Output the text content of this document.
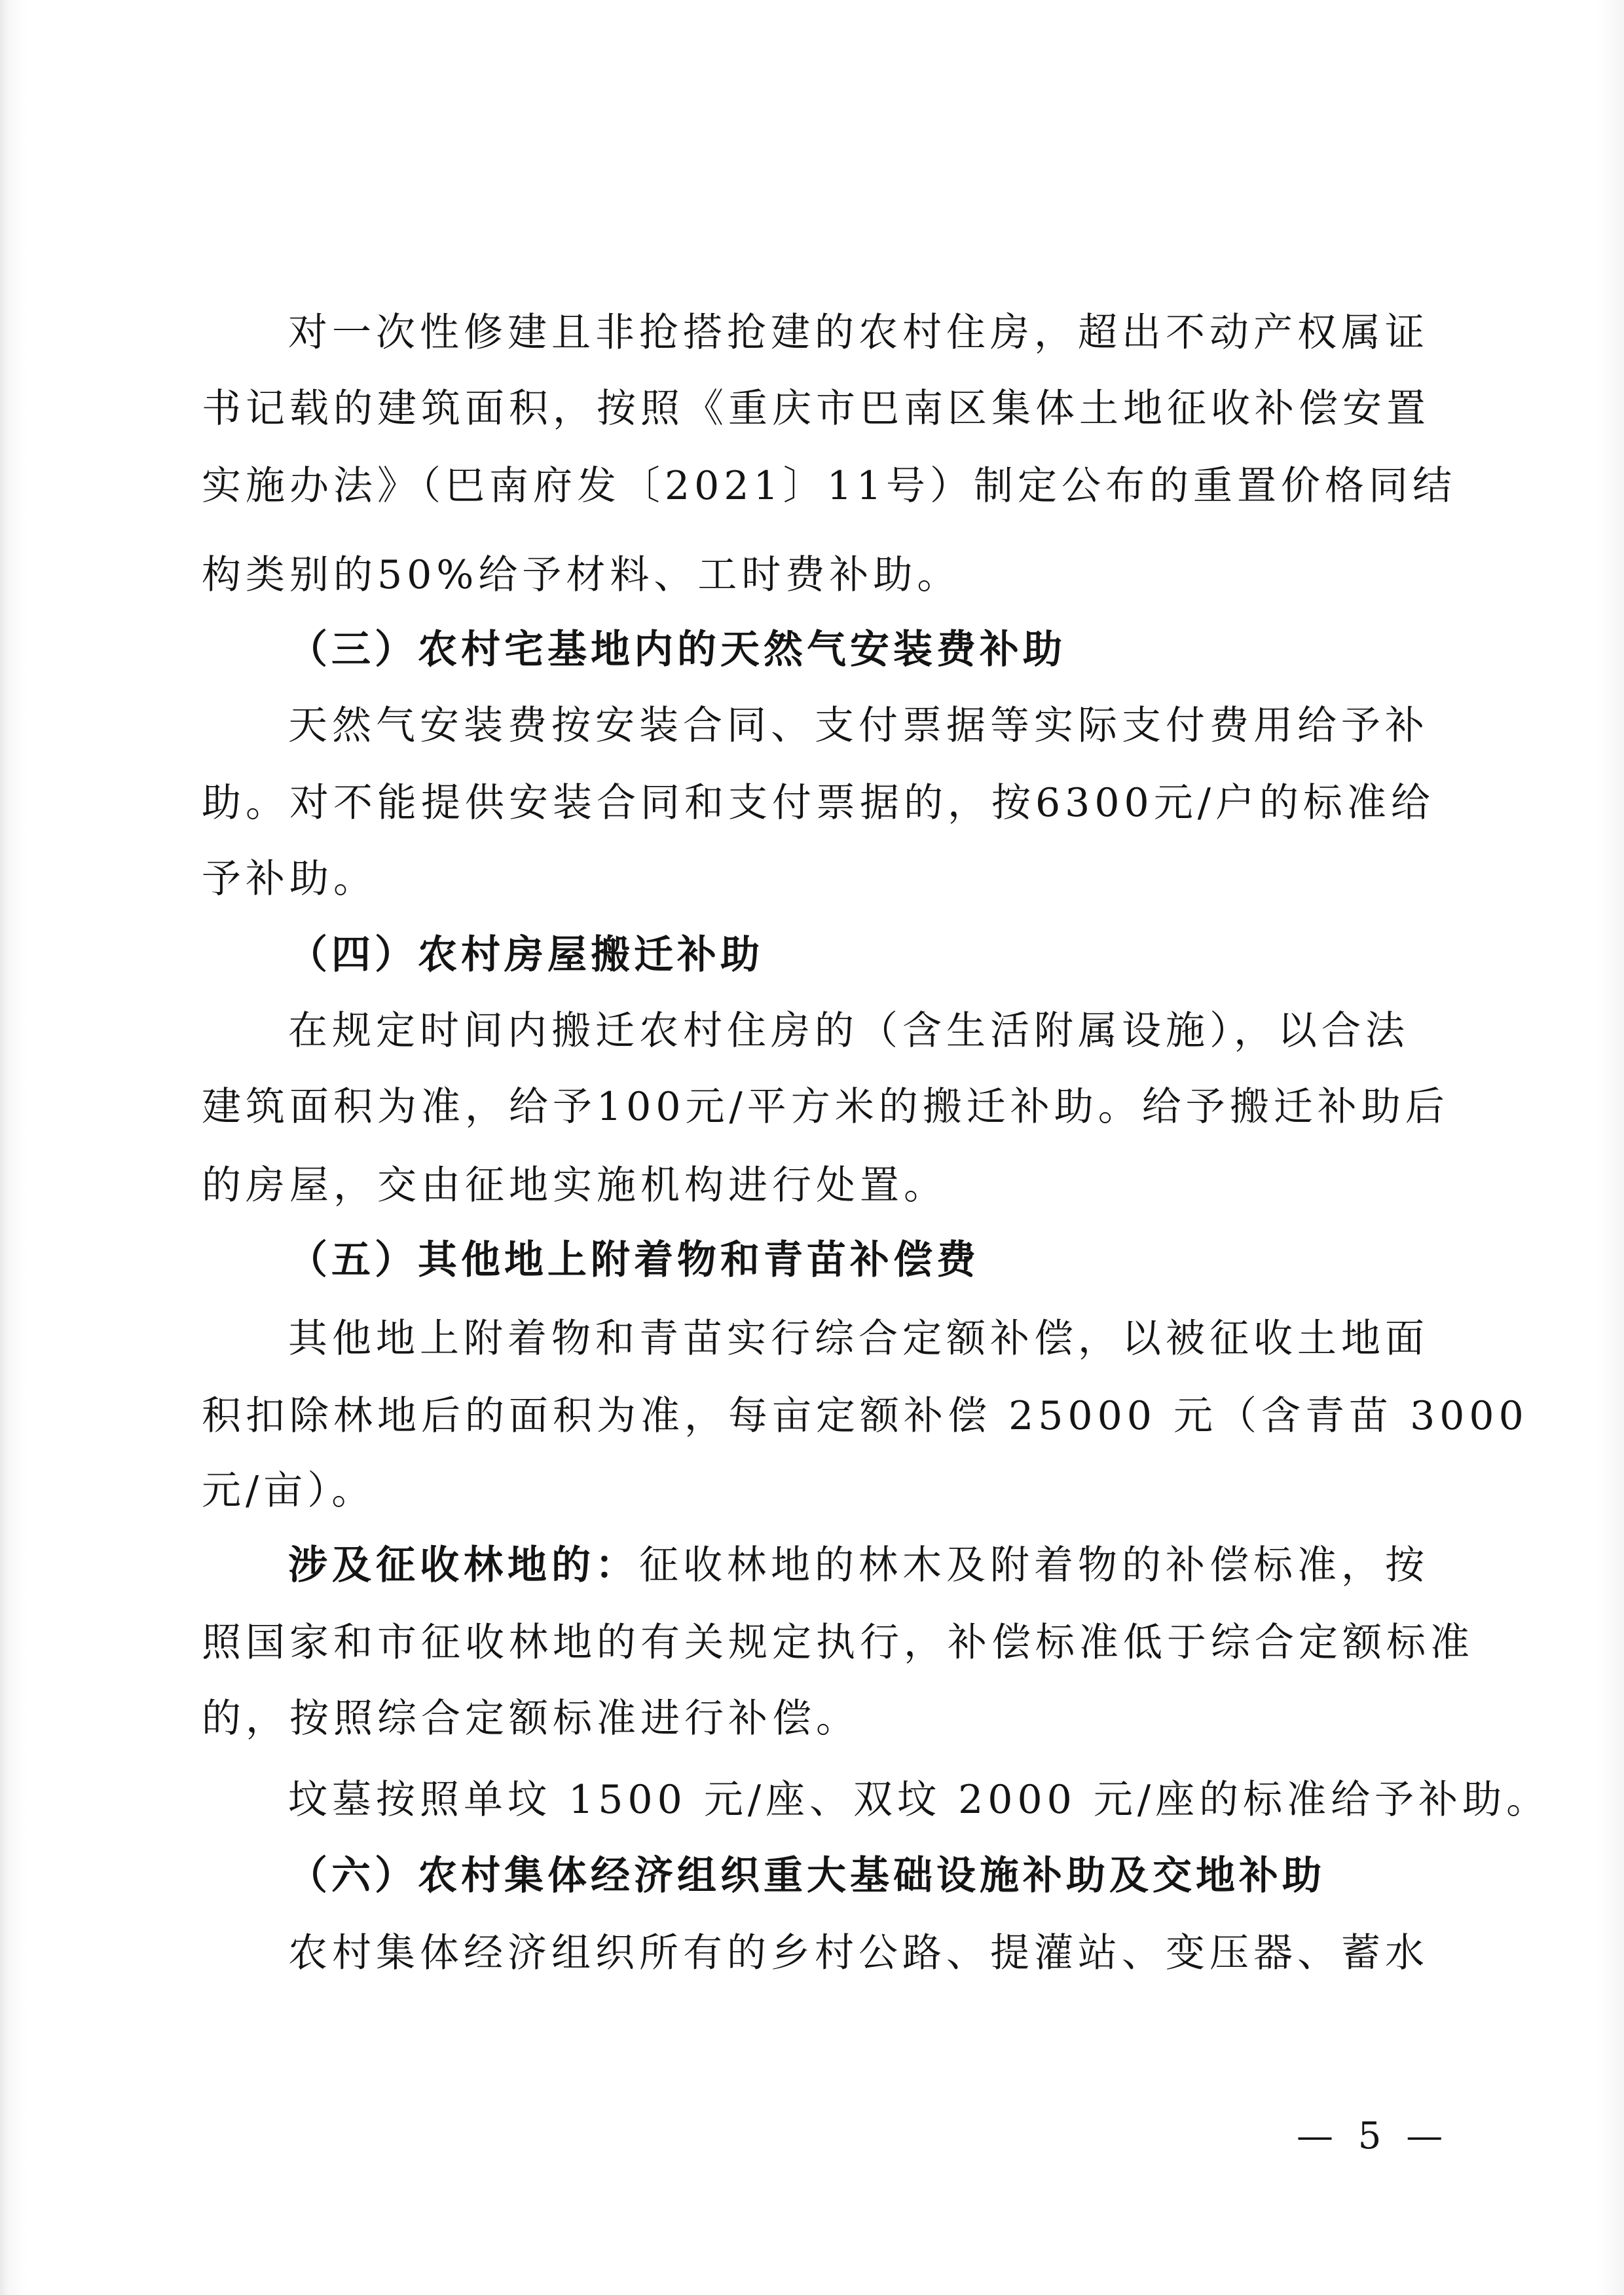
对一次性修建且非抢搭抢建的农村住房，超出不动产权属证
书记载的建筑面积，按照《重庆市巴南区集体土地征收补偿安置
实施办法》（巴南府发〔2021〕11号）制定公布的重置价格同结
构类别的50%给予材料、工时费补助。
（三）农村宅基地内的天然气安装费补助
天然气安装费按安装合同、支付票据等实际支付费用给予补
助。对不能提供安装合同和支付票据的，按6300元/户的标准给
予补助。
（四）农村房屋搬迁补助
在规定时间内搬迁农村住房的（含生活附属设施），以合法
建筑面积为准，给予100元/平方米的搬迁补助。给予搬迁补助后
的房屋，交由征地实施机构进行处置。
（五）其他地上附着物和青苗补偿费
其他地上附着物和青苗实行综合定额补偿，以被征收土地面
积扣除林地后的面积为准，每亩定额补偿 25000 元（含青苗 3000
元/亩）。
涉及征收林地的：征收林地的林木及附着物的补偿标准，按
照国家和市征收林地的有关规定执行，补偿标准低于综合定额标准
的，按照综合定额标准进行补偿。
坟墓按照单坟 1500 元/座、双坟 2000 元/座的标准给予补助。
（六）农村集体经济组织重大基础设施补助及交地补助
农村集体经济组织所有的乡村公路、提灌站、变压器、蓄水
— 5 —
